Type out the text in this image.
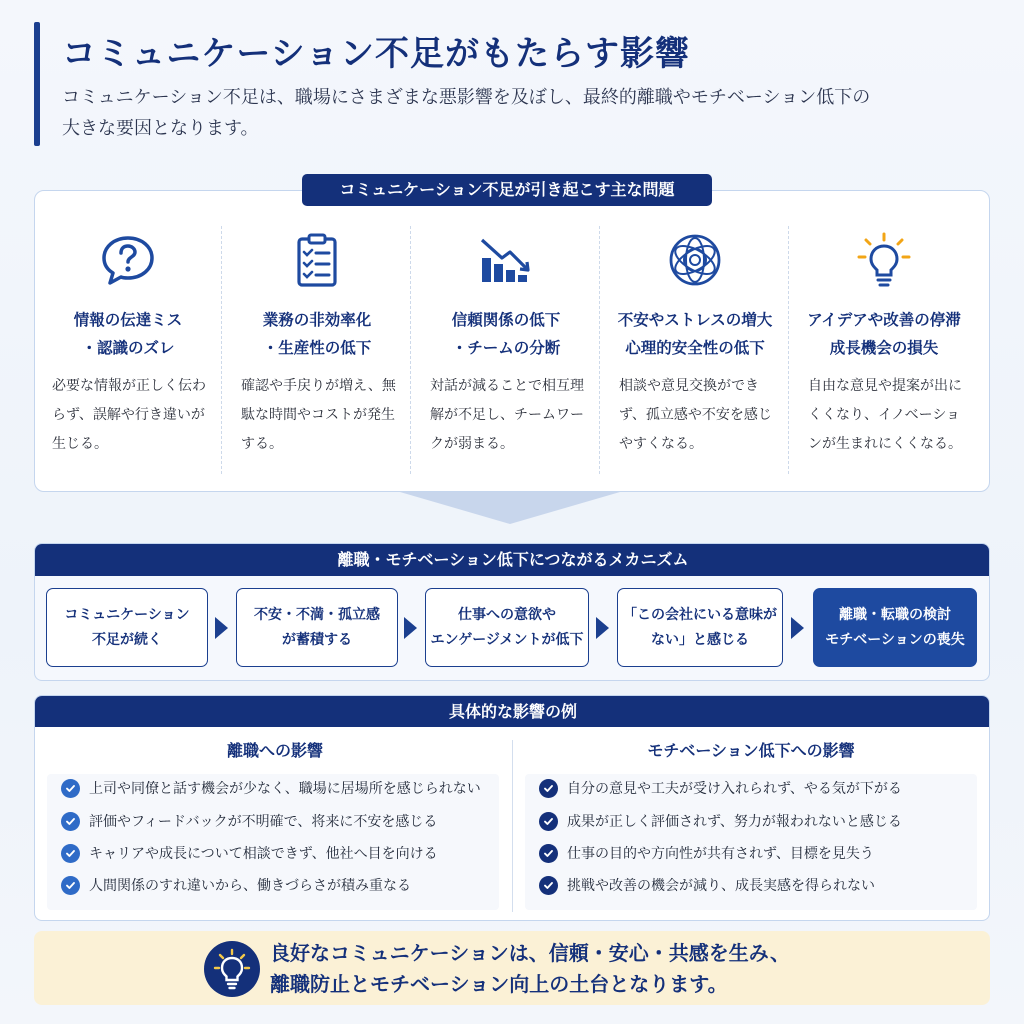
コミュニケーション不足がもたらす影響
コミュニケーション不足は、職場にさまざまな悪影響を及ぼし、最終的離職やモチベーション低下の
大きな要因となります。
コミュニケーション不足が引き起こす主な問題
情報の伝達ミス
・認識のズレ
必要な情報が正しく伝わらず、誤解や行き違いが生じる。
業務の非効率化
・生産性の低下
確認や手戻りが増え、無駄な時間やコストが発生する。
信頼関係の低下
・チームの分断
対話が減ることで相互理解が不足し、チームワークが弱まる。
不安やストレスの増大
心理的安全性の低下
相談や意見交換ができず、孤立感や不安を感じやすくなる。
アイデアや改善の停滞
成長機会の損失
自由な意見や提案が出にくくなり、イノベーションが生まれにくくなる。
離職・モチベーション低下につながるメカニズム
コミュニケーション
不足が続く
不安・不満・孤立感
が蓄積する
仕事への意欲や
エンゲージメントが低下
「この会社にいる意味が
ない」と感じる
離職・転職の検討
モチベーションの喪失
具体的な影響の例
離職への影響
上司や同僚と話す機会が少なく、職場に居場所を感じられない
評価やフィードバックが不明確で、将来に不安を感じる
キャリアや成長について相談できず、他社へ目を向ける
人間関係のすれ違いから、働きづらさが積み重なる
モチベーション低下への影響
自分の意見や工夫が受け入れられず、やる気が下がる
成果が正しく評価されず、努力が報われないと感じる
仕事の目的や方向性が共有されず、目標を見失う
挑戦や改善の機会が減り、成長実感を得られない
良好なコミュニケーションは、信頼・安心・共感を生み、
離職防止とモチベーション向上の土台となります。
